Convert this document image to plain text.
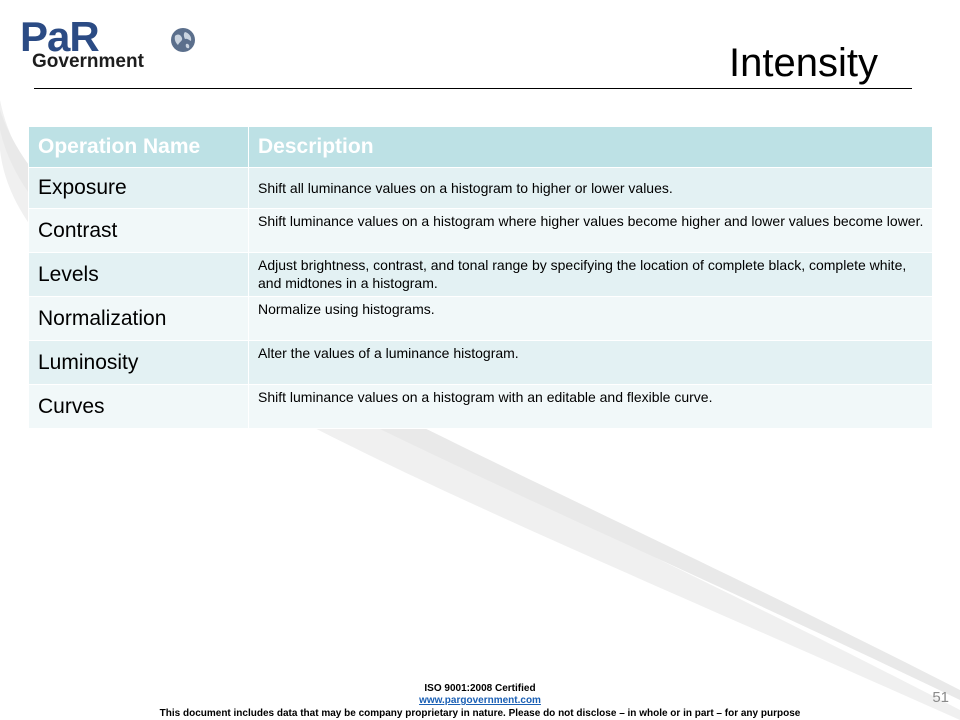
PaR
Government	Intensity
Operation Name	Description
Exposure	Shift all luminance values on a histogram to higher or lower values.
Contrast	Shift luminance values on a histogram where higher values become higher and lower values become lower.
Levels	Adjust brightness, contrast, and tonal range by specifying the location of complete black, complete white, and midtones in a histogram.
Normalization	Normalize using histograms.
Luminosity	Alter the values of a luminance histogram.
Curves	Shift luminance values on a histogram with an editable and flexible curve.
ISO 9001:2008 Certified
www.pargovernment.com
This document includes data that may be company proprietary in nature. Please do not disclose – in whole or in part – for any purpose
51
